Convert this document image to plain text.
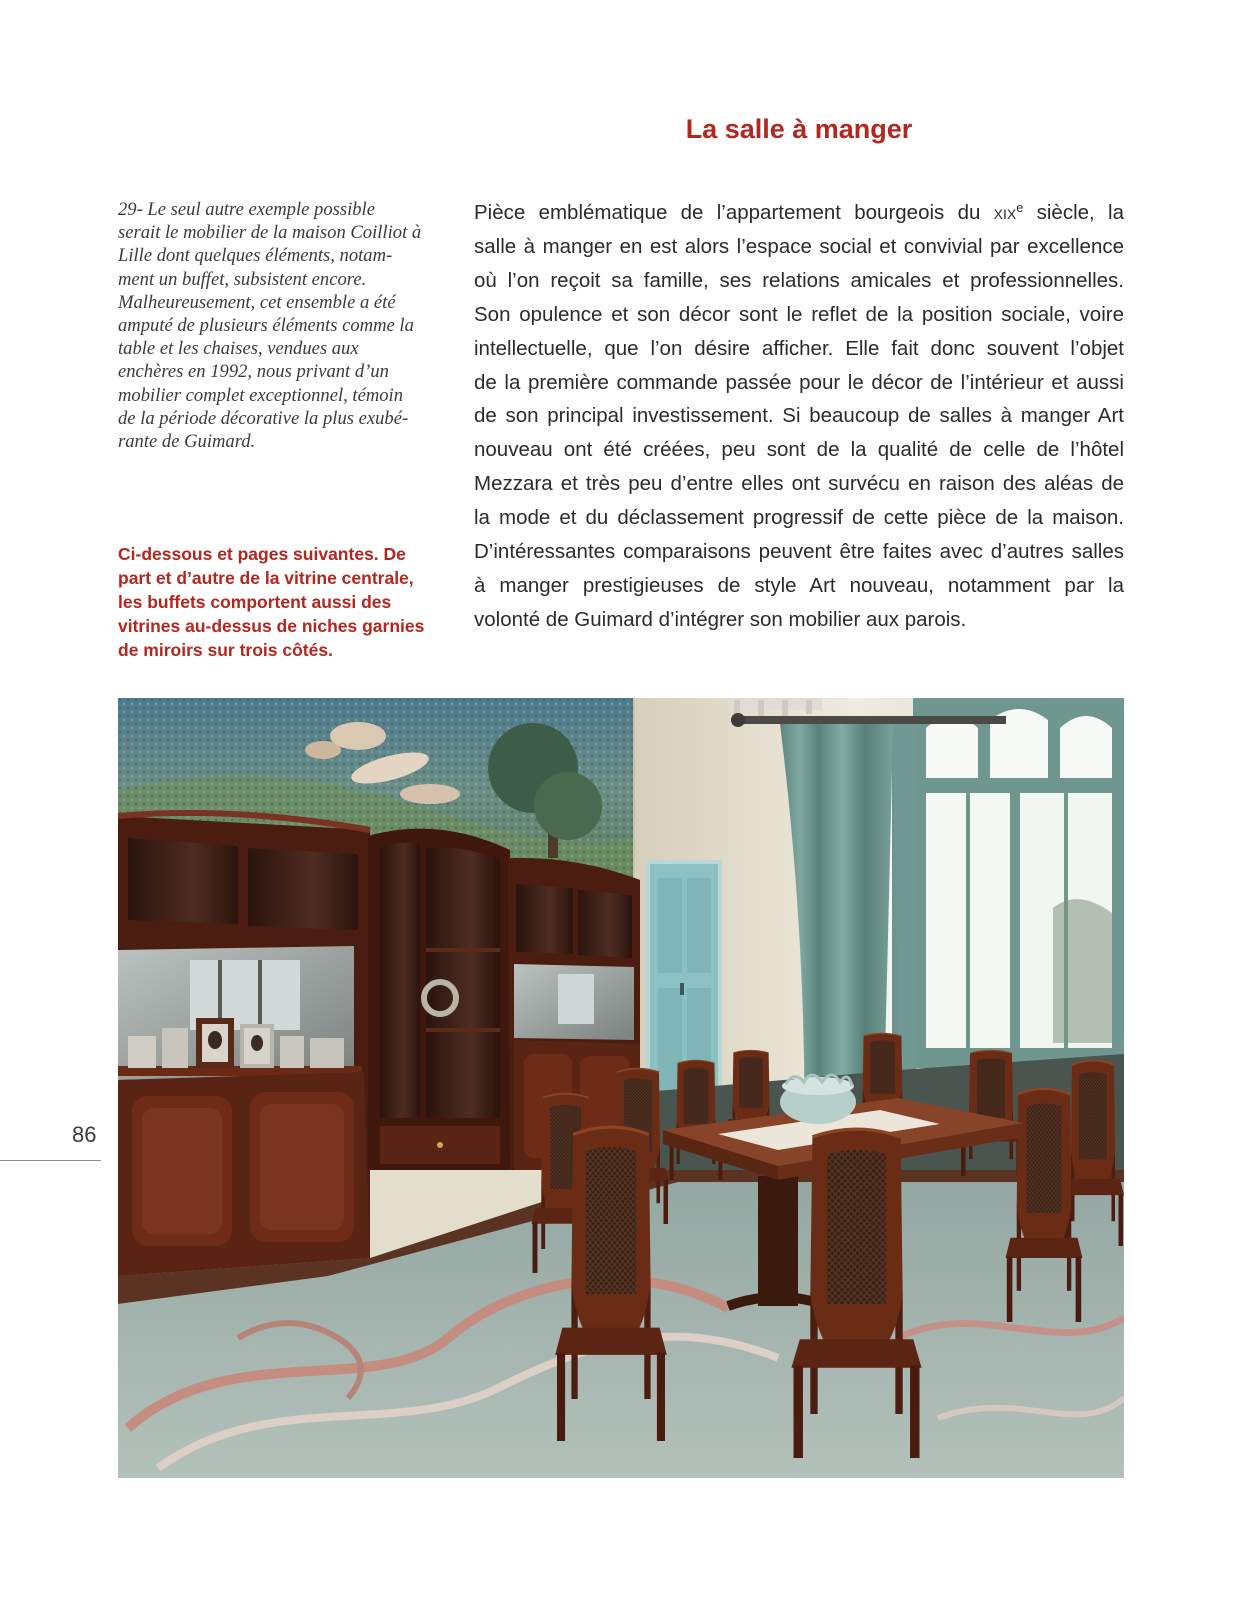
La salle à manger
29- Le seul autre exemple possible
serait le mobilier de la maison Coilliot à
Lille dont quelques éléments, notam-
ment un buffet, subsistent encore.
Malheureusement, cet ensemble a été
amputé de plusieurs éléments comme la
table et les chaises, vendues aux
enchères en 1992, nous privant d’un
mobilier complet exceptionnel, témoin
de la période décorative la plus exubé-
rante de Guimard.
Pièce emblématique de l’appartement bourgeois du xix$^e$ siècle, la
salle à manger en est alors l’espace social et convivial par excellence
où l’on reçoit sa famille, ses relations amicales et professionnelles.
Son opulence et son décor sont le reflet de la position sociale, voire
intellectuelle, que l’on désire afficher. Elle fait donc souvent l’objet
de la première commande passée pour le décor de l’intérieur et aussi
de son principal investissement. Si beaucoup de salles à manger Art
nouveau ont été créées, peu sont de la qualité de celle de l’hôtel
Mezzara et très peu d’entre elles ont survécu en raison des aléas de
la mode et du déclassement progressif de cette pièce de la maison.
D’intéressantes comparaisons peuvent être faites avec d’autres salles
à manger prestigieuses de style Art nouveau, notamment par la
volonté de Guimard d’intégrer son mobilier aux parois.
Ci-dessous et pages suivantes. De
part et d’autre de la vitrine centrale,
les buffets comportent aussi des
vitrines au-dessus de niches garnies
de miroirs sur trois côtés.
86
